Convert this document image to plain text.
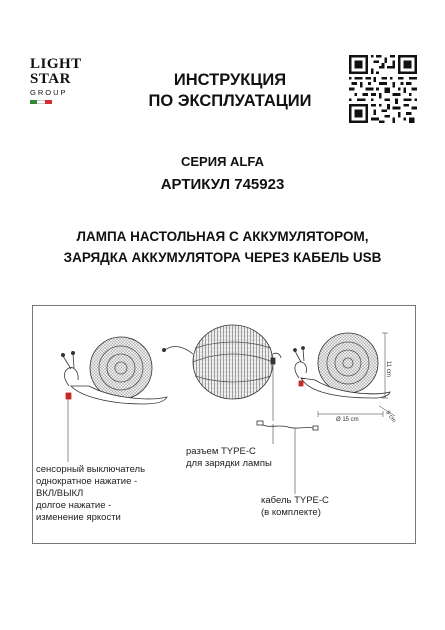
LIGHT
STAR
GROUP
ИНСТРУКЦИЯ
ПО ЭКСПЛУАТАЦИИ
СЕРИЯ ALFA
АРТИКУЛ 745923
ЛАМПА НАСТОЛЬНАЯ С АККУМУЛЯТОРОМ,
ЗАРЯДКА АККУМУЛЯТОРА ЧЕРЕЗ КАБЕЛЬ USB
11 cm
Ø 15 cm	9 cm
сенсорный выключатель
однократное нажатие -
ВКЛ/ВЫКЛ
долгое нажатие -
изменение яркости
разъем TYPE-C
для зарядки лампы
кабель TYPE-C
(в комплекте)
